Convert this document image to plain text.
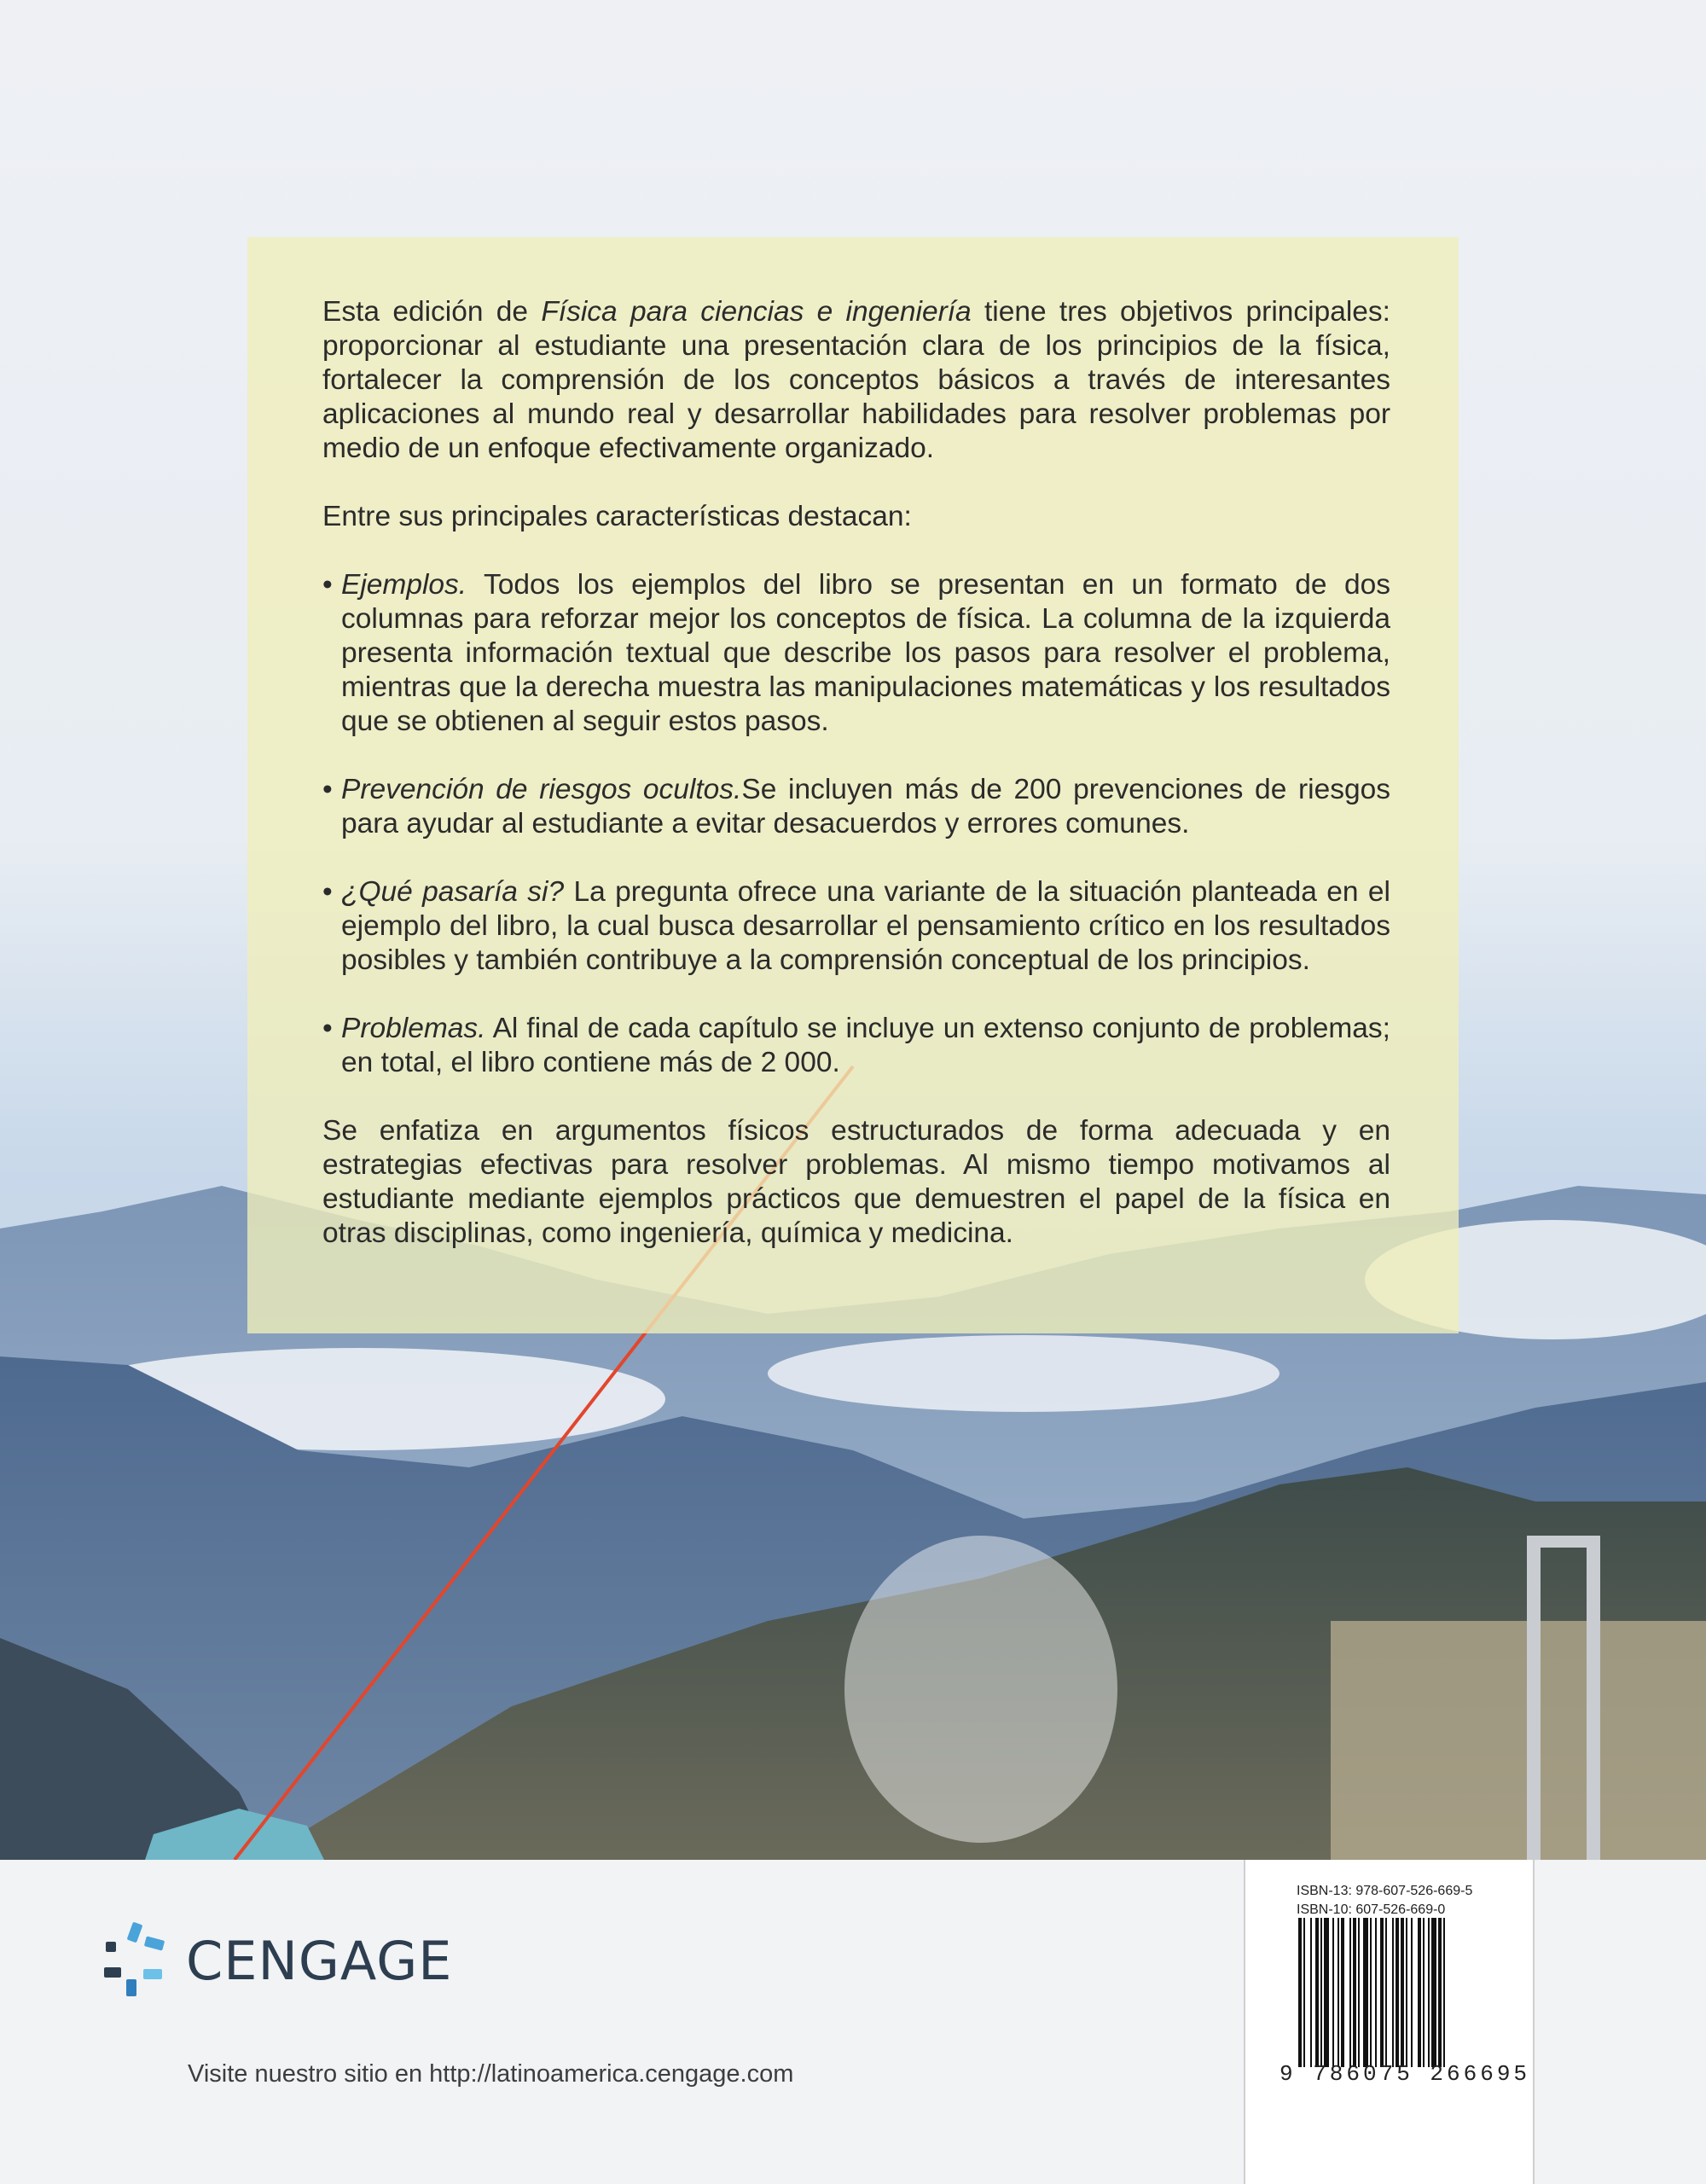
Esta edición de Física para ciencias e ingeniería tiene tres objetivos principales: proporcionar al estudiante una presentación clara de los principios de la física, fortalecer la comprensión de los conceptos básicos a través de interesantes aplicaciones al mundo real y desarrollar habilidades para resolver problemas por medio de un enfoque efectivamente organizado.

Entre sus principales características destacan:

• Ejemplos. Todos los ejemplos del libro se presentan en un formato de dos columnas para reforzar mejor los conceptos de física. La columna de la izquierda presenta información textual que describe los pasos para resolver el problema, mientras que la derecha muestra las manipulaciones matemáticas y los resultados que se obtienen al seguir estos pasos.
• Prevención de riesgos ocultos.Se incluyen más de 200 prevenciones de riesgos para ayudar al estudiante a evitar desacuerdos y errores comunes.
• ¿Qué pasaría si? La pregunta ofrece una variante de la situación planteada en el ejemplo del libro, la cual busca desarrollar el pensamiento crítico en los resultados posibles y también contribuye a la comprensión conceptual de los principios.
• Problemas. Al final de cada capítulo se incluye un extenso conjunto de problemas; en total, el libro contiene más de 2 000.

Se enfatiza en argumentos físicos estructurados de forma adecuada y en estrategias efectivas para resolver problemas. Al mismo tiempo motivamos al estudiante mediante ejemplos prácticos que demuestren el papel de la física en otras disciplinas, como ingeniería, química y medicina.

CENGAGE
Visite nuestro sitio en http://latinoamerica.cengage.com
ISBN-13: 978-607-526-669-5
ISBN-10: 607-526-669-0
9 786075 266695
